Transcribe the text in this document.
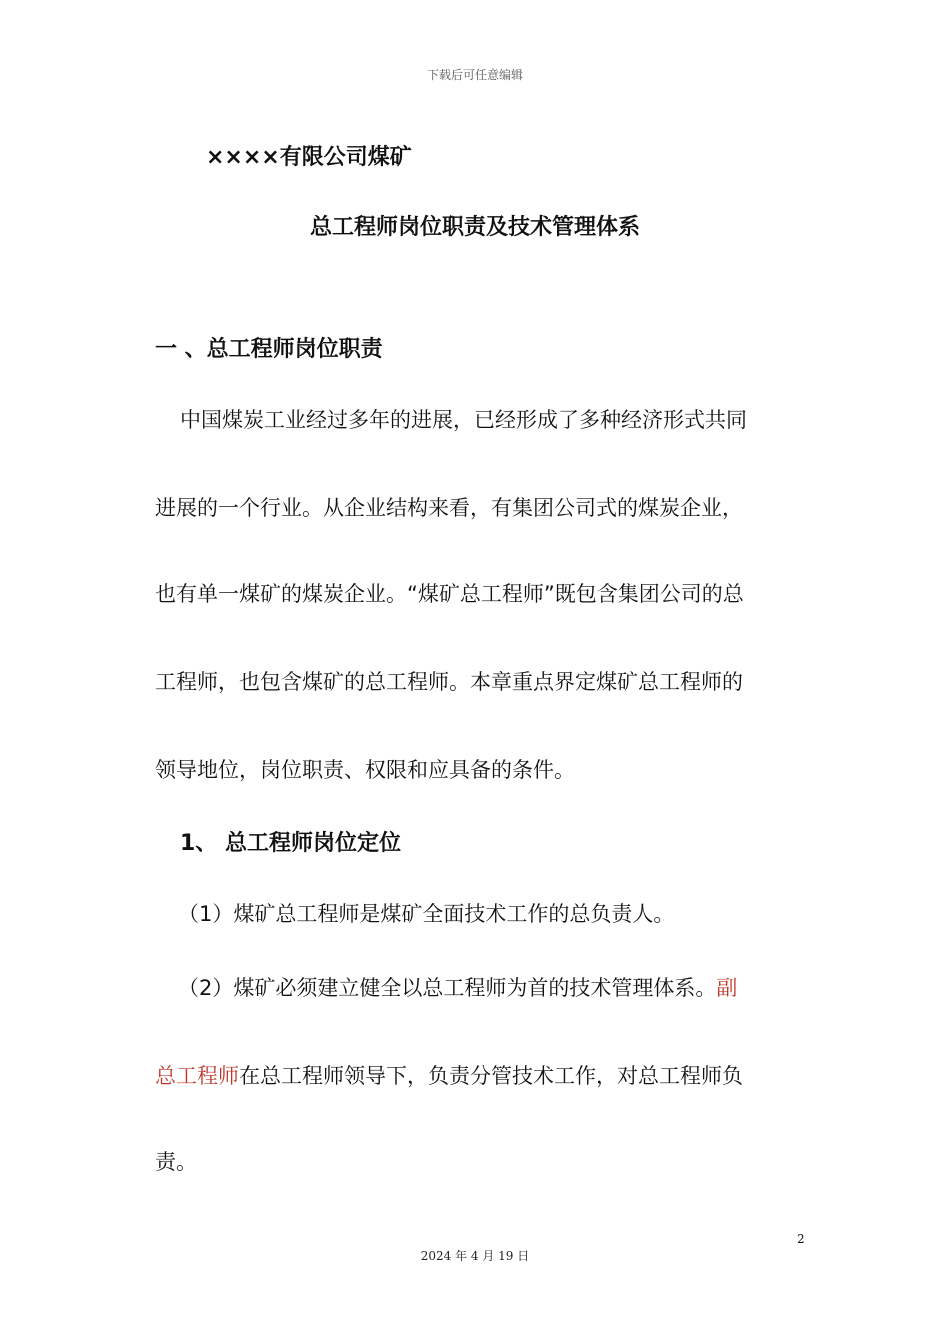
下载后可任意编辑

××××有限公司煤矿
总工程师岗位职责及技术管理体系
一 、总工程师岗位职责

中国煤炭工业经过多年的进展，已经形成了多种经济形式共同

进展的一个行业。从企业结构来看，有集团公司式的煤炭企业，

也有单一煤矿的煤炭企业。“煤矿总工程师”既包含集团公司的总

工程师，也包含煤矿的总工程师。本章重点界定煤矿总工程师的

领导地位，岗位职责、权限和应具备的条件。

1、 总工程师岗位定位

（1）煤矿总工程师是煤矿全面技术工作的总负责人。

（2）煤矿必须建立健全以总工程师为首的技术管理体系。副

总工程师在总工程师领导下，负责分管技术工作，对总工程师负

责。

2

2024 年 4 月 19 日
